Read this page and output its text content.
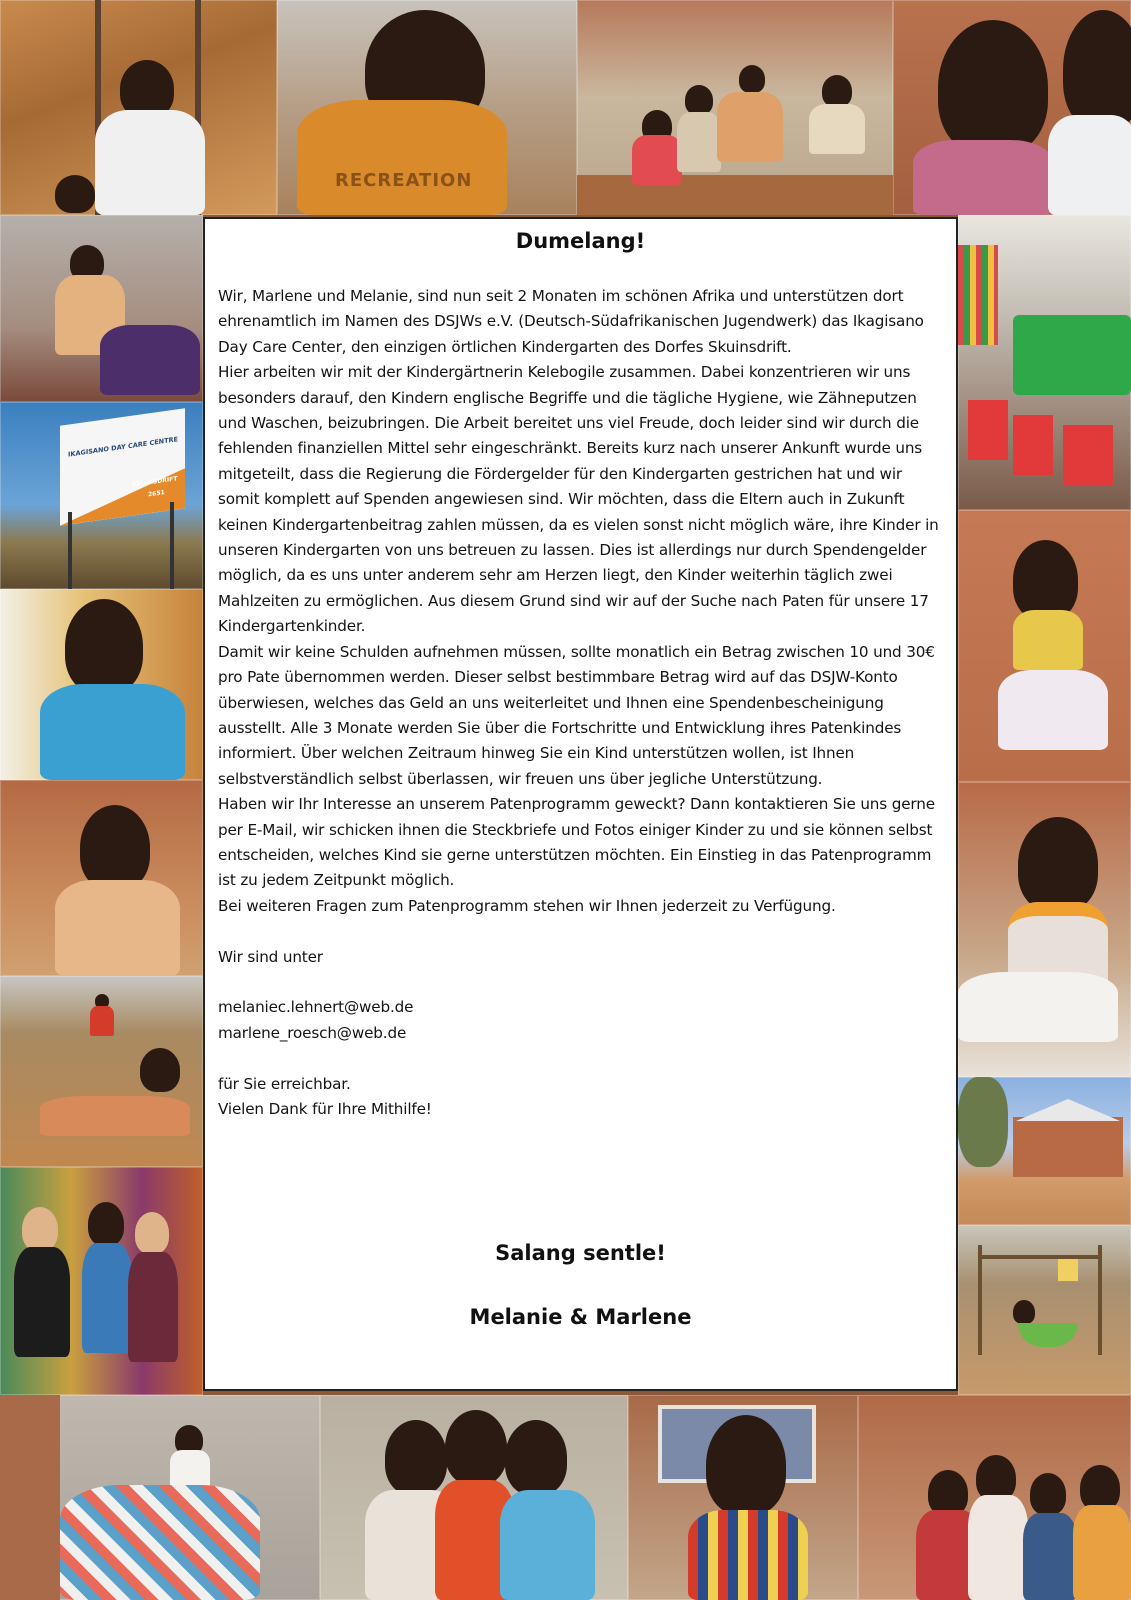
RECREATION
IKAGISANO DAY CARE CENTRE
SKUINSDRIFT
2651
Dumelang!

Wir, Marlene und Melanie, sind nun seit 2 Monaten im schönen Afrika und unterstützen dort ehrenamtlich im Namen des DSJWs e.V. (Deutsch-Südafrikanischen Jugendwerk) das Ikagisano Day Care Center, den einzigen örtlichen Kindergarten des Dorfes Skuinsdrift.

Hier arbeiten wir mit der Kindergärtnerin Kelebogile zusammen. Dabei konzentrieren wir uns besonders darauf, den Kindern englische Begriffe und die tägliche Hygiene, wie Zähneputzen und Waschen, beizubringen. Die Arbeit bereitet uns viel Freude, doch leider sind wir durch die fehlenden finanziellen Mittel sehr eingeschränkt. Bereits kurz nach unserer Ankunft wurde uns mitgeteilt, dass die Regierung die Fördergelder für den Kindergarten gestrichen hat und wir somit komplett auf Spenden angewiesen sind. Wir möchten, dass die Eltern auch in Zukunft keinen Kindergartenbeitrag zahlen müssen, da es vielen sonst nicht möglich wäre, ihre Kinder in unseren Kindergarten von uns betreuen zu lassen. Dies ist allerdings nur durch Spendengelder möglich, da es uns unter anderem sehr am Herzen liegt, den Kinder weiterhin täglich zwei Mahlzeiten zu ermöglichen. Aus diesem Grund sind wir auf der Suche nach Paten für unsere 17 Kindergartenkinder.

Damit wir keine Schulden aufnehmen müssen, sollte monatlich ein Betrag zwischen 10 und 30€ pro Pate übernommen werden. Dieser selbst bestimmbare Betrag wird auf das DSJW-Konto überwiesen, welches das Geld an uns weiterleitet und Ihnen eine Spendenbescheinigung ausstellt. Alle 3 Monate werden Sie über die Fortschritte und Entwicklung ihres Patenkindes informiert. Über welchen Zeitraum hinweg Sie ein Kind unterstützen wollen, ist Ihnen selbstverständlich selbst überlassen, wir freuen uns über jegliche Unterstützung.

Haben wir Ihr Interesse an unserem Patenprogramm geweckt? Dann kontaktieren Sie uns gerne per E-Mail, wir schicken ihnen die Steckbriefe und Fotos einiger Kinder zu und sie können selbst entscheiden, welches Kind sie gerne unterstützen möchten. Ein Einstieg in das Patenprogramm ist zu jedem Zeitpunkt möglich.

Bei weiteren Fragen zum Patenprogramm stehen wir Ihnen jederzeit zu Verfügung.

Wir sind unter

melaniec.lehnert@web.de

marlene_roesch@web.de

für Sie erreichbar.

Vielen Dank für Ihre Mithilfe!

Salang sentle!
Melanie & Marlene
